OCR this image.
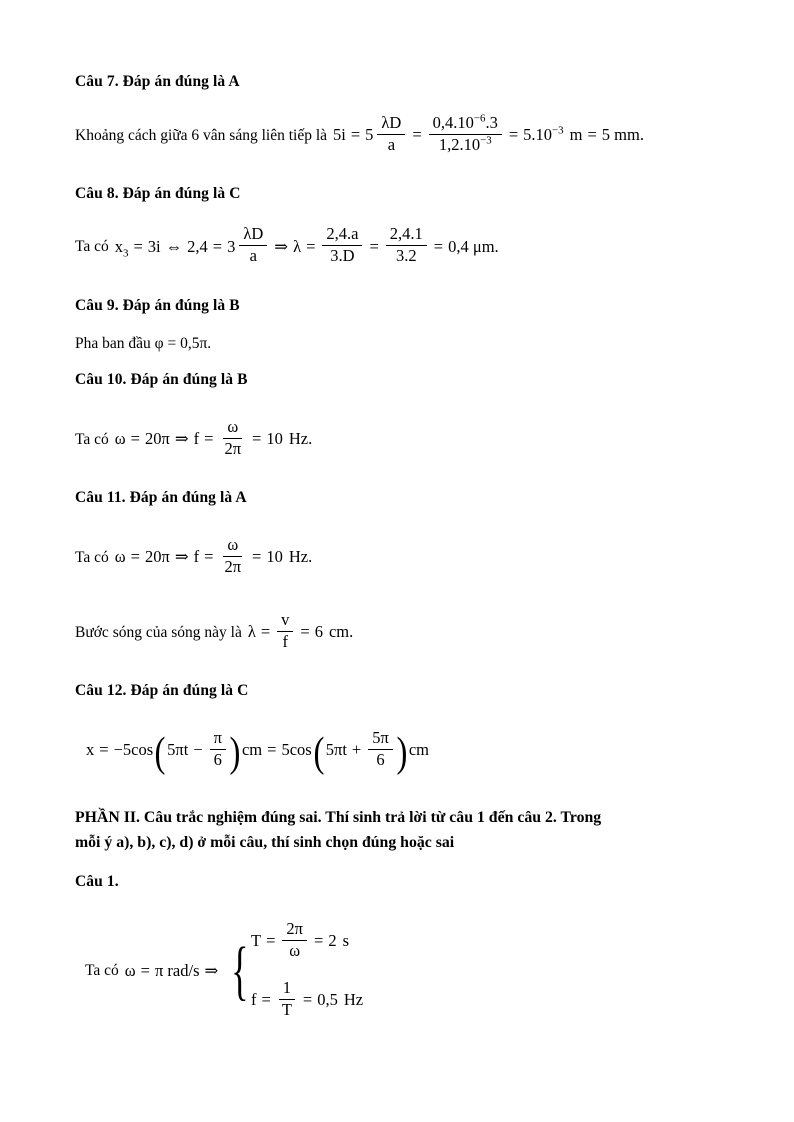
Câu 7. Đáp án đúng là A
Khoảng cách giữa 6 vân sáng liên tiếp là $5i = 5 \frac{\lambda D}{a} = \frac{0,4.10^{-6}.3}{1,2.10^{-3}} = 5.10^{-3}$ m = 5 mm.
Câu 8. Đáp án đúng là C
Ta có $x_3 = 3i$ ⇔ $2,4 = 3 \frac{\lambda D}{a}$ ⇒ $\lambda = \frac{2,4.a}{3.D} = \frac{2,4.1}{3.2} = 0,4$ μm.
Câu 9. Đáp án đúng là B
Pha ban đầu φ = 0,5π.
Câu 10. Đáp án đúng là B
Ta có ω = 20π ⇒ $f = \frac{\omega}{2\pi} = 10$ Hz.
Câu 11. Đáp án đúng là A
Ta có ω = 20π ⇒ $f = \frac{\omega}{2\pi} = 10$ Hz.
Bước sóng của sóng này là $\lambda = \frac{v}{f} = 6$ cm.
Câu 12. Đáp án đúng là C
x = −5cos ( $5\pi t - \frac{\pi}{6}$ ) cm = 5cos ( $5\pi t + \frac{5\pi}{6}$ ) cm
PHẦN II. Câu trắc nghiệm đúng sai. Thí sinh trả lời từ câu 1 đến câu 2. Trong
mỗi ý a), b), c), d) ở mỗi câu, thí sinh chọn đúng hoặc sai
Câu 1.
Ta có ω = π rad/s ⇒ { $T = \frac{2\pi}{\omega} = 2$ s
$f = \frac{1}{T} = 0,5$ Hz
